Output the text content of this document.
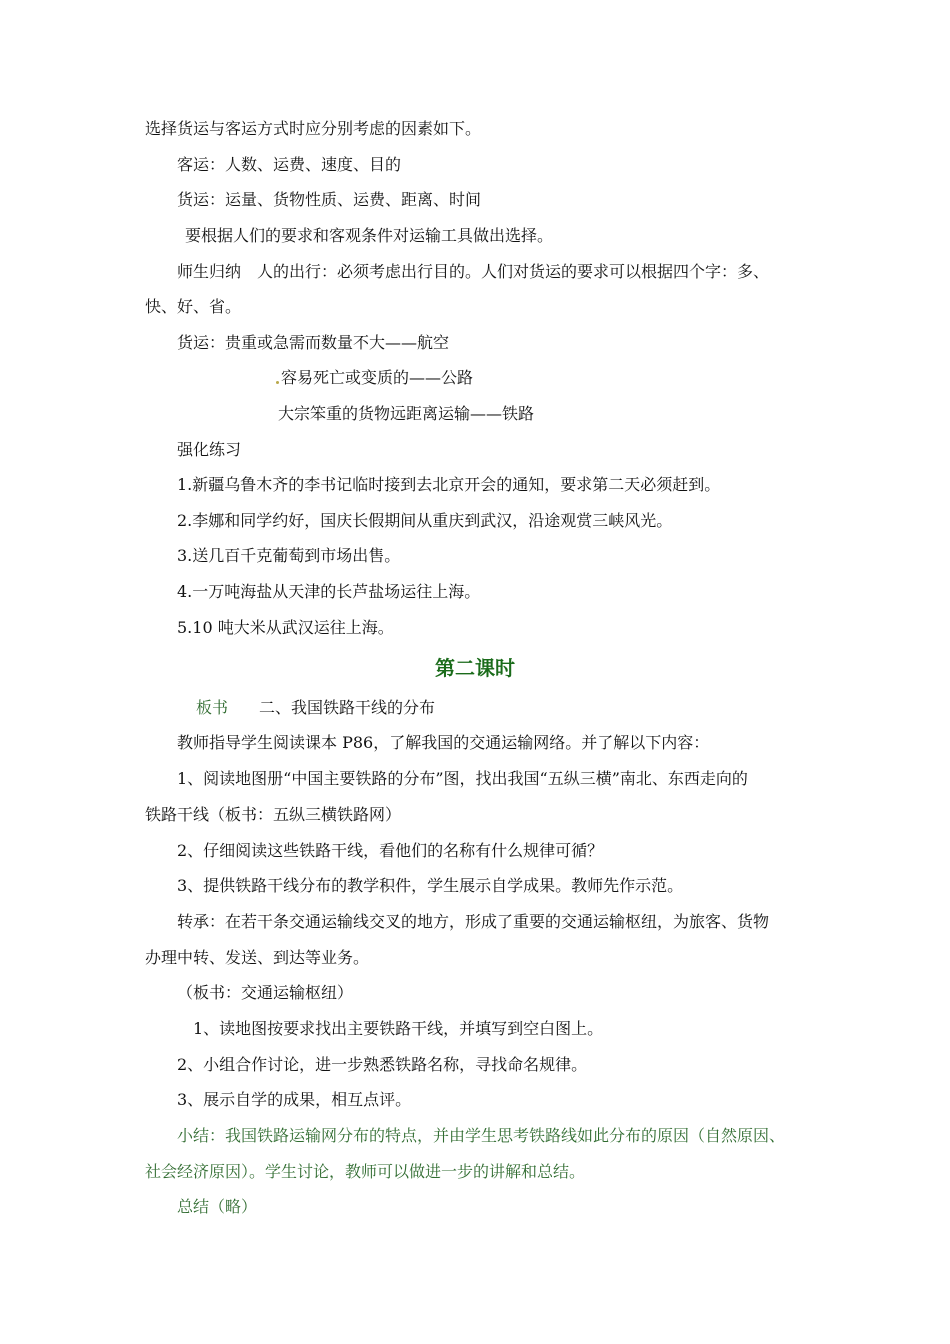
选择货运与客运方式时应分别考虑的因素如下。
客运：人数、运费、速度、目的
货运：运量、货物性质、运费、距离、时间
要根据人们的要求和客观条件对运输工具做出选择。
师生归纳　人的出行：必须考虑出行目的。人们对货运的要求可以根据四个字：多、
快、好、省。
货运：贵重或急需而数量不大——航空
容易死亡或变质的——公路
大宗笨重的货物远距离运输——铁路
强化练习
1.新疆乌鲁木齐的李书记临时接到去北京开会的通知，要求第二天必须赶到。
2.李娜和同学约好，国庆长假期间从重庆到武汉，沿途观赏三峡风光。
3.送几百千克葡萄到市场出售。
4.一万吨海盐从天津的长芦盐场运往上海。
5.10 吨大米从武汉运往上海。
第二课时
板书 二、我国铁路干线的分布
教师指导学生阅读课本 P86，了解我国的交通运输网络。并了解以下内容：
1、阅读地图册“中国主要铁路的分布”图，找出我国“五纵三横”南北、东西走向的
铁路干线（板书：五纵三横铁路网）
2、仔细阅读这些铁路干线，看他们的名称有什么规律可循？
3、提供铁路干线分布的教学积件，学生展示自学成果。教师先作示范。
转承：在若干条交通运输线交叉的地方，形成了重要的交通运输枢纽，为旅客、货物
办理中转、发送、到达等业务。
（板书：交通运输枢纽）
1、读地图按要求找出主要铁路干线，并填写到空白图上。
2、小组合作讨论，进一步熟悉铁路名称，寻找命名规律。
3、展示自学的成果，相互点评。
小结：我国铁路运输网分布的特点，并由学生思考铁路线如此分布的原因（自然原因、
社会经济原因）。学生讨论，教师可以做进一步的讲解和总结。
总结（略）
